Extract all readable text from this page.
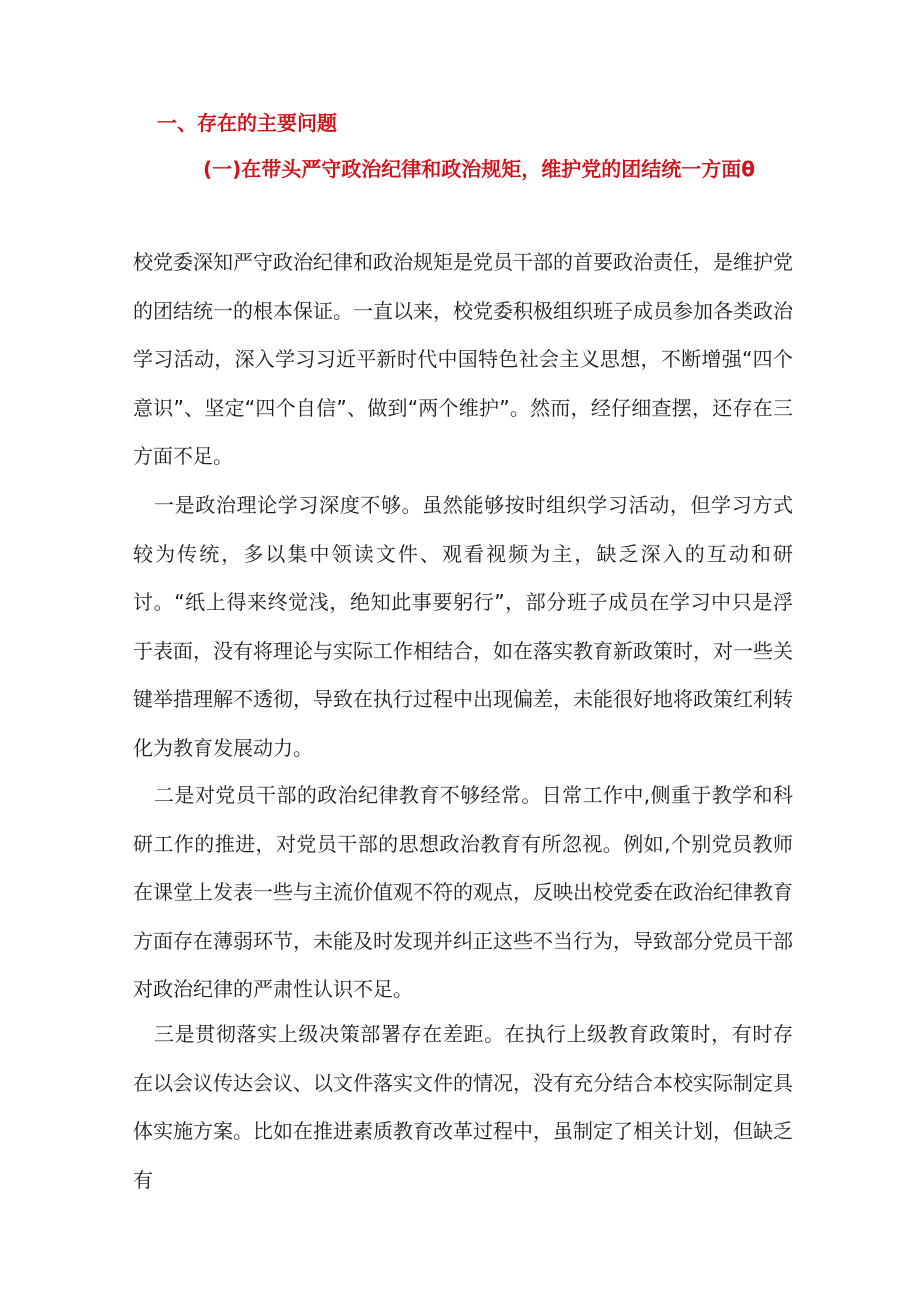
一、存在的主要问题
(一)在带头严守政治纪律和政治规矩，维护党的团结统一方面θ

校党委深知严守政治纪律和政治规矩是党员干部的首要政治责任，是维护党的团结统一的根本保证。一直以来，校党委积极组织班子成员参加各类政治学习活动，深入学习习近平新时代中国特色社会主义思想，不断增强“四个意识”、坚定“四个自信”、做到“两个维护”。然而，经仔细查摆，还存在三方面不足。

一是政治理论学习深度不够。虽然能够按时组织学习活动，但学习方式较为传统，多以集中领读文件、观看视频为主，缺乏深入的互动和研讨。“纸上得来终觉浅，绝知此事要躬行”，部分班子成员在学习中只是浮于表面，没有将理论与实际工作相结合，如在落实教育新政策时，对一些关键举措理解不透彻，导致在执行过程中出现偏差，未能很好地将政策红利转化为教育发展动力。

二是对党员干部的政治纪律教育不够经常。日常工作中,侧重于教学和科研工作的推进，对党员干部的思想政治教育有所忽视。例如,个别党员教师在课堂上发表一些与主流价值观不符的观点，反映出校党委在政治纪律教育方面存在薄弱环节，未能及时发现并纠正这些不当行为，导致部分党员干部对政治纪律的严肃性认识不足。

三是贯彻落实上级决策部署存在差距。在执行上级教育政策时，有时存在以会议传达会议、以文件落实文件的情况，没有充分结合本校实际制定具体实施方案。比如在推进素质教育改革过程中，虽制定了相关计划，但缺乏有
